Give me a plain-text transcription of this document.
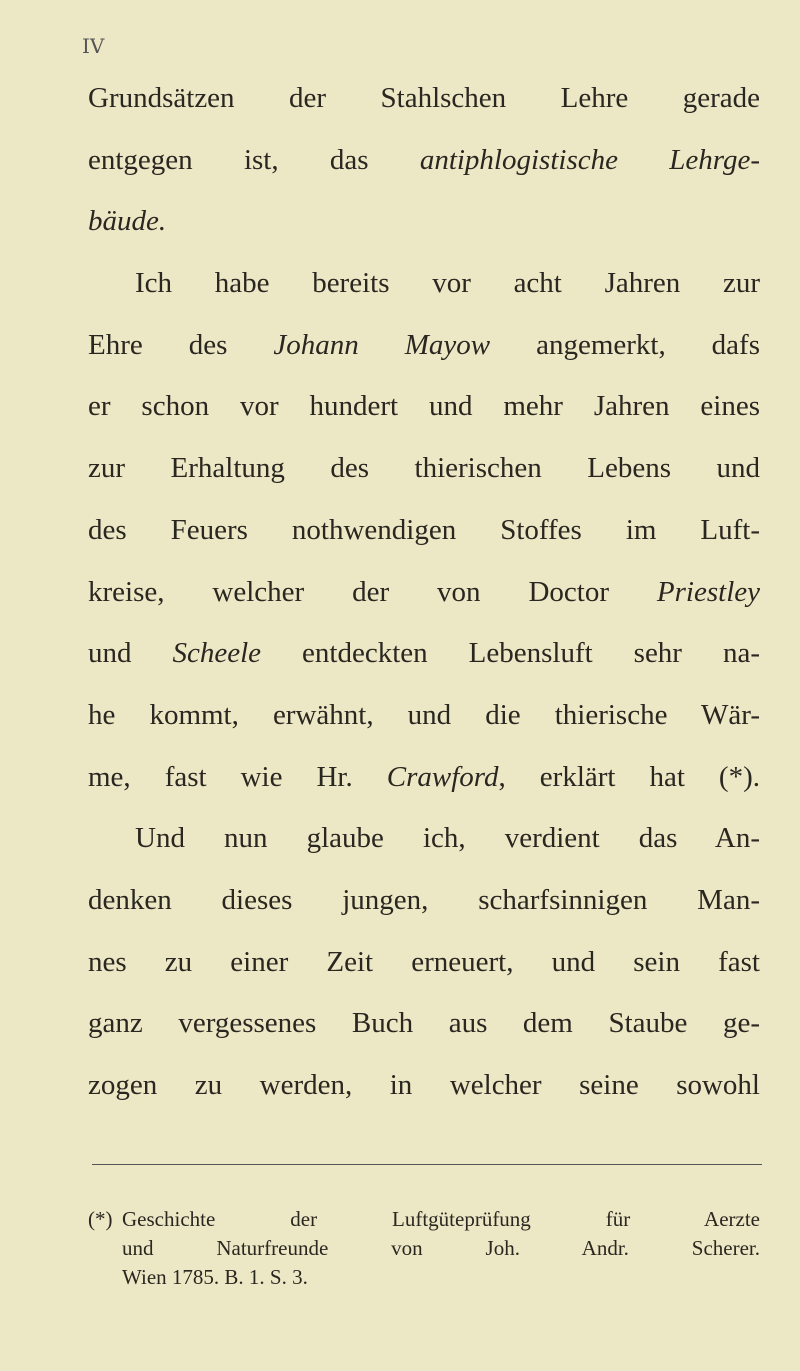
IV
Grundsätzen der Stahlschen Lehre gerade
entgegen ist, das antiphlogistische Lehrge-
bäude.
Ich habe bereits vor acht Jahren zur
Ehre des Johann Mayow angemerkt, dafs
er schon vor hundert und mehr Jahren eines
zur Erhaltung des thierischen Lebens und
des Feuers nothwendigen Stoffes im Luft-
kreise, welcher der von Doctor Priestley
und Scheele entdeckten Lebensluft sehr na-
he kommt, erwähnt, und die thierische Wär-
me, fast wie Hr. Crawford, erklärt hat (*).
Und nun glaube ich, verdient das An-
denken dieses jungen, scharfsinnigen Man-
nes zu einer Zeit erneuert, und sein fast
ganz vergessenes Buch aus dem Staube ge-
zogen zu werden, in welcher seine sowohl
(*) Geschichte der Luftgüteprüfung für Aerzte
und Naturfreunde von Joh. Andr. Scherer.
Wien 1785. B. 1. S. 3.
